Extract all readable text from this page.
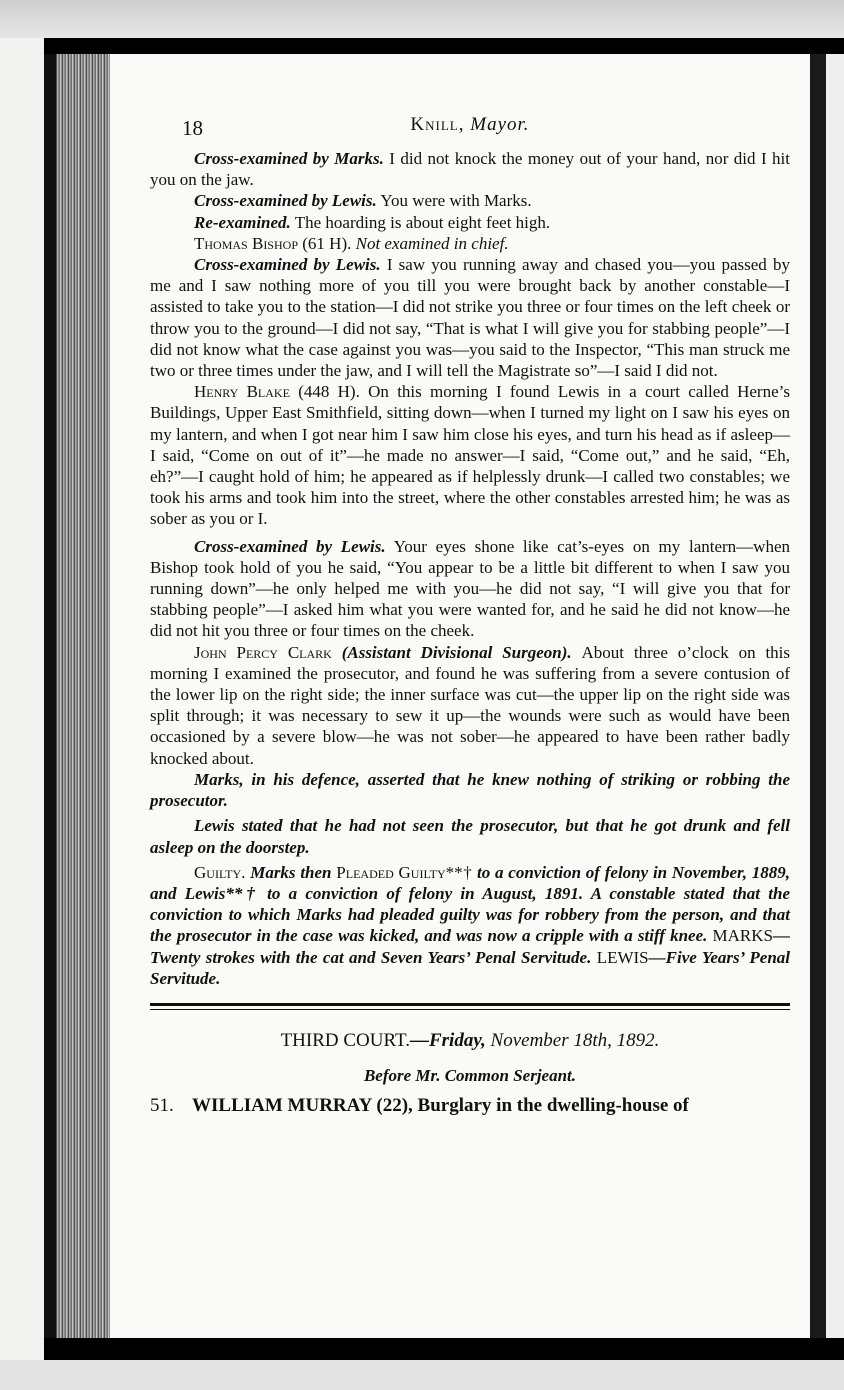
18	Knill, Mayor.

Cross-examined by Marks. I did not knock the money out of your hand, nor did I hit you on the jaw.

Cross-examined by Lewis. You were with Marks.

Re-examined. The hoarding is about eight feet high.

Thomas Bishop (61 H). Not examined in chief.

Cross-examined by Lewis. I saw you running away and chased you—you passed by me and I saw nothing more of you till you were brought back by another constable—I assisted to take you to the station—I did not strike you three or four times on the left cheek or throw you to the ground—I did not say, “That is what I will give you for stabbing people”—I did not know what the case against you was—you said to the Inspector, “This man struck me two or three times under the jaw, and I will tell the Magistrate so”—I said I did not.

Henry Blake (448 H). On this morning I found Lewis in a court called Herne’s Buildings, Upper East Smithfield, sitting down—when I turned my light on I saw his eyes on my lantern, and when I got near him I saw him close his eyes, and turn his head as if asleep—I said, “Come on out of it”—he made no answer—I said, “Come out,” and he said, “Eh, eh?”—I caught hold of him; he appeared as if helplessly drunk—I called two constables; we took his arms and took him into the street, where the other constables arrested him; he was as sober as you or I.

Cross-examined by Lewis. Your eyes shone like cat’s-eyes on my lantern—when Bishop took hold of you he said, “You appear to be a little bit different to when I saw you running down”—he only helped me with you—he did not say, “I will give you that for stabbing people”—I asked him what you were wanted for, and he said he did not know—he did not hit you three or four times on the cheek.

John Percy Clark (Assistant Divisional Surgeon). About three o’clock on this morning I examined the prosecutor, and found he was suffering from a severe contusion of the lower lip on the right side; the inner surface was cut—the upper lip on the right side was split through; it was necessary to sew it up—the wounds were such as would have been occasioned by a severe blow—he was not sober—he appeared to have been rather badly knocked about.

Marks, in his defence, asserted that he knew nothing of striking or robbing the prosecutor.

Lewis stated that he had not seen the prosecutor, but that he got drunk and fell asleep on the doorstep.

Guilty. Marks then Pleaded Guilty**† to a conviction of felony in November, 1889, and Lewis**† to a conviction of felony in August, 1891. A constable stated that the conviction to which Marks had pleaded guilty was for robbery from the person, and that the prosecutor in the case was kicked, and was now a cripple with a stiff knee. MARKS—Twenty strokes with the cat and Seven Years’ Penal Servitude. LEWIS—Five Years’ Penal Servitude.

THIRD COURT.—Friday, November 18th, 1892.
Before Mr. Common Serjeant.
51. WILLIAM MURRAY (22), Burglary in the dwelling-house of
